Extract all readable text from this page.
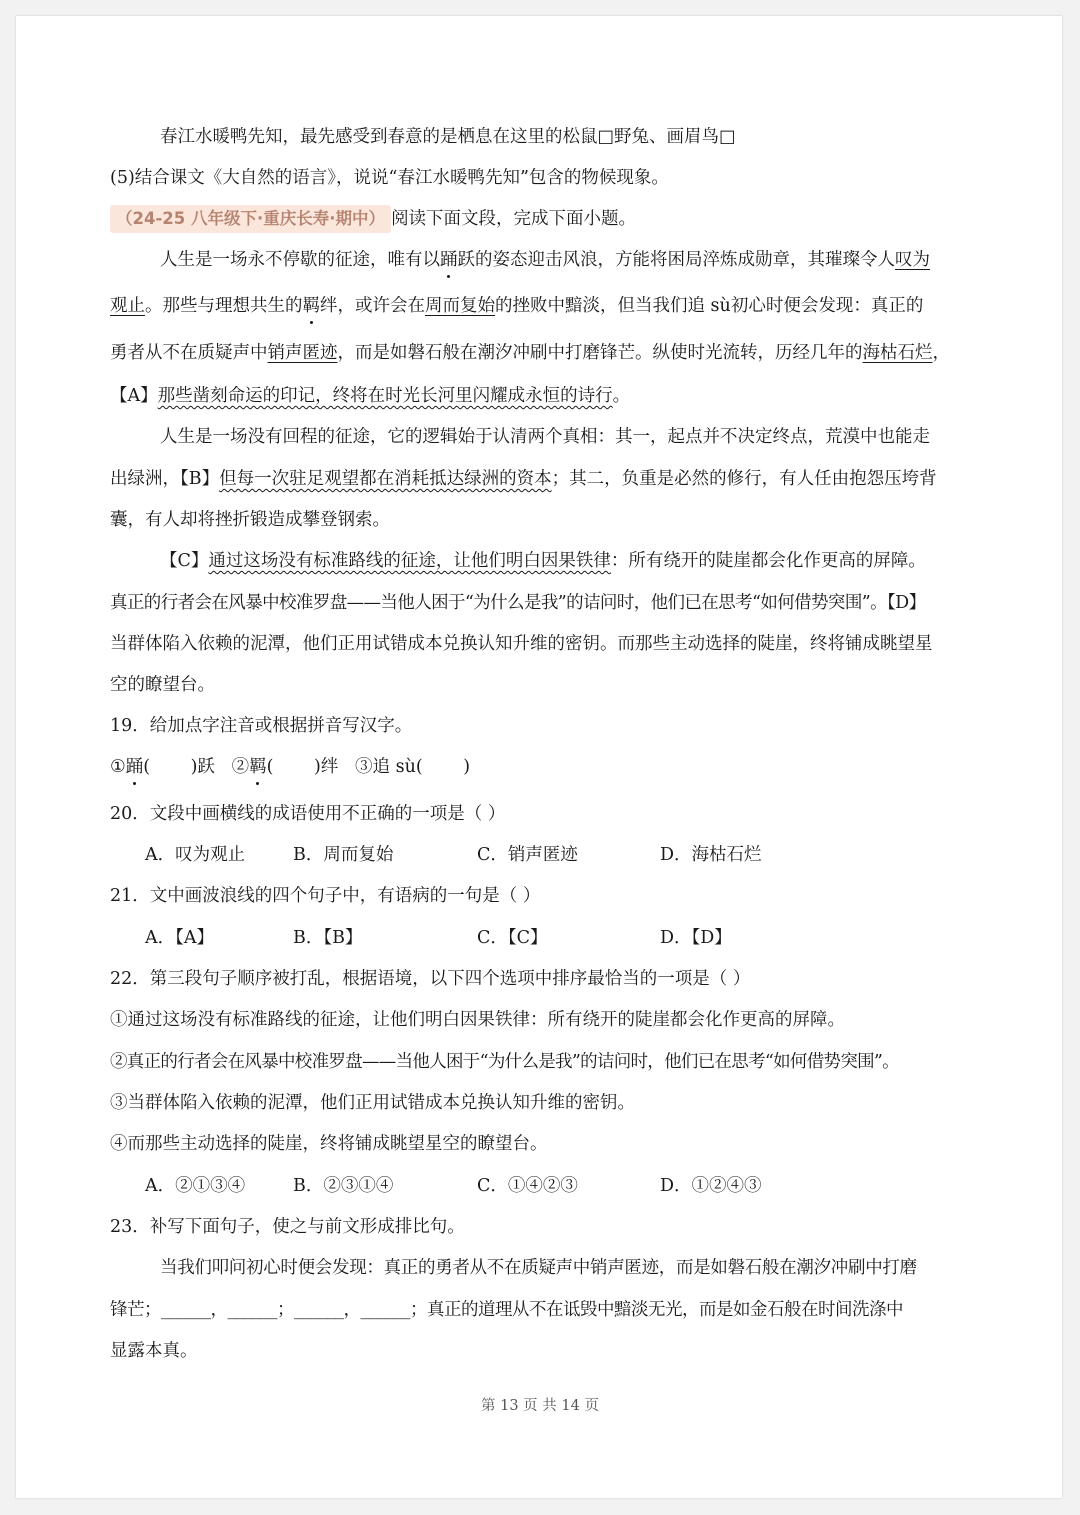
春江水暖鸭先知，最先感受到春意的是栖息在这里的松鼠□野兔、画眉鸟□
(5)结合课文《大自然的语言》，说说“春江水暖鸭先知”包含的物候现象。
（24-25 八年级下·重庆长寿·期中） 阅读下面文段，完成下面小题。
人生是一场永不停歇的征途，唯有以踊跃的姿态迎击风浪，方能将困局淬炼成勋章，其璀璨令人叹为
观止。那些与理想共生的羁绊，或许会在周而复始的挫败中黯淡，但当我们追 sù初心时便会发现：真正的
勇者从不在质疑声中销声匿迹，而是如磐石般在潮汐冲刷中打磨锋芒。纵使时光流转，历经几年的海枯石烂，
【A】那些凿刻命运的印记，终将在时光长河里闪耀成永恒的诗行。
人生是一场没有回程的征途，它的逻辑始于认清两个真相：其一，起点并不决定终点，荒漠中也能走
出绿洲，【B】但每一次驻足观望都在消耗抵达绿洲的资本；其二，负重是必然的修行，有人任由抱怨压垮背
囊，有人却将挫折锻造成攀登钢索。
【C】通过这场没有标准路线的征途，让他们明白因果铁律：所有绕开的陡崖都会化作更高的屏障。
真正的行者会在风暴中校准罗盘——当他人困于“为什么是我”的诘问时，他们已在思考“如何借势突围”。【D】
当群体陷入依赖的泥潭，他们正用试错成本兑换认知升维的密钥。而那些主动选择的陡崖，终将铺成眺望星
空的瞭望台。
19．给加点字注音或根据拼音写汉字。
①踊(　　 )跃 ②羁(　　 )绊 ③追 sù(　　 )
20．文段中画横线的成语使用不正确的一项是（ ）
A．叹为观止	B．周而复始	C．销声匿迹	D．海枯石烂
21．文中画波浪线的四个句子中，有语病的一句是（ ）
A．【A】	B．【B】	C．【C】	D．【D】
22．第三段句子顺序被打乱，根据语境，以下四个选项中排序最恰当的一项是（ ）
①通过这场没有标准路线的征途，让他们明白因果铁律：所有绕开的陡崖都会化作更高的屏障。
②真正的行者会在风暴中校准罗盘——当他人困于“为什么是我”的诘问时，他们已在思考“如何借势突围”。
③当群体陷入依赖的泥潭，他们正用试错成本兑换认知升维的密钥。
④而那些主动选择的陡崖，终将铺成眺望星空的瞭望台。
A．②①③④	B．②③①④	C．①④②③	D．①②④③
23．补写下面句子，使之与前文形成排比句。
当我们叩问初心时便会发现：真正的勇者从不在质疑声中销声匿迹，而是如磐石般在潮汐冲刷中打磨
锋芒；______，______；______，______；真正的道理从不在诋毁中黯淡无光，而是如金石般在时间洗涤中
显露本真。
第 13 页 共 14 页
